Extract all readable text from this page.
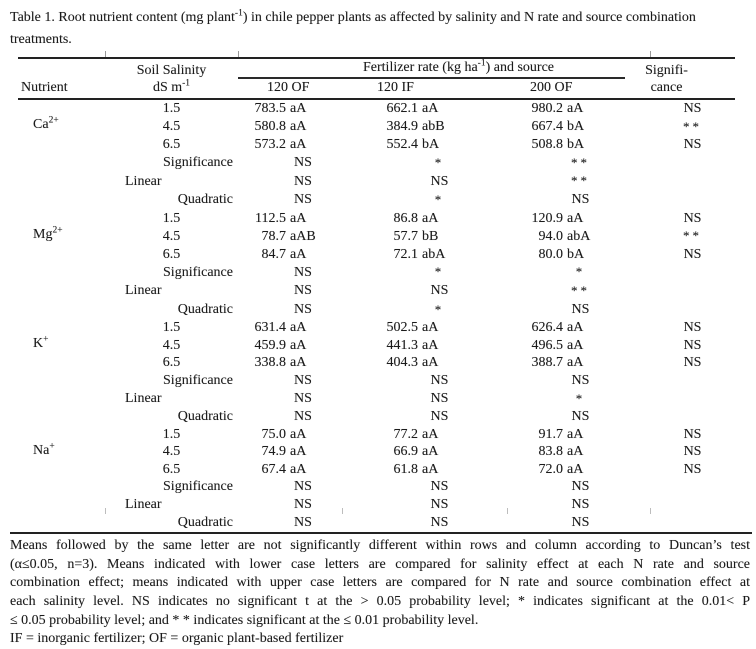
Table 1. Root nutrient content (mg plant$^{-1}$) in chile pepper plants as affected by salinity and N rate and source combination treatments.

	Soil Salinity	Fertilizer rate (kg $ha^{-1}$) and source			Signifi-
Nutrient	dS $m^{-1}$	120 OF	120 IF	200 OF	cance
$Ca^{2+}$	1.5	783.5 aA	662.1 aA	980.2 aA	NS
	4.5	580.8 aA	384.9 abB	667.4 bA	**
	6.5	573.2 aA	552.4 bA	508.8 bA	NS
	Significance	NS	*	**	
	Linear	NS	NS	**	
	Quadratic	NS	*	NS	
$Mg^{2+}$	1.5	112.5 aA	86.8 aA	120.9 aA	NS
	4.5	78.7 aAB	57.7 bB	94.0 abA	**
	6.5	84.7 aA	72.1 abA	80.0 bA	NS
	Significance	NS	*	*	
	Linear	NS	NS	**	
	Quadratic	NS	*	NS	
K+	1.5	631.4 aA	502.5 aA	626.4 aA	NS
	4.5	459.9 aA	441.3 aA	496.5 aA	NS
	6.5	338.8 aA	404.3 aA	388.7 aA	NS
	Significance	NS	NS	NS	
	Linear	NS	NS	*	
	Quadratic	NS	NS	NS	
Na+	1.5	75.0 aA	77.2 aA	91.7 aA	NS
	4.5	74.9 aA	66.9 aA	83.8 aA	NS
	6.5	67.4 aA	61.8 aA	72.0 aA	NS
	Significance	NS	NS	NS	
	Linear	NS	NS	NS	
	Quadratic	NS	NS	NS	
Means followed by the same letter are not significantly different within rows and column according to Duncan’s test
(α≤0.05, n=3). Means indicated with lower case letters are compared for salinity effect at each N rate and source
combination effect; means indicated with upper case letters are compared for N rate and source combination effect at
each salinity level. NS indicates no significant t at the > 0.05 probability level; * indicates significant at the 0.01< P
≤ 0.05 probability level; and * * indicates significant at the ≤ 0.01 probability level.
IF = inorganic fertilizer; OF = organic plant-based fertilizer
